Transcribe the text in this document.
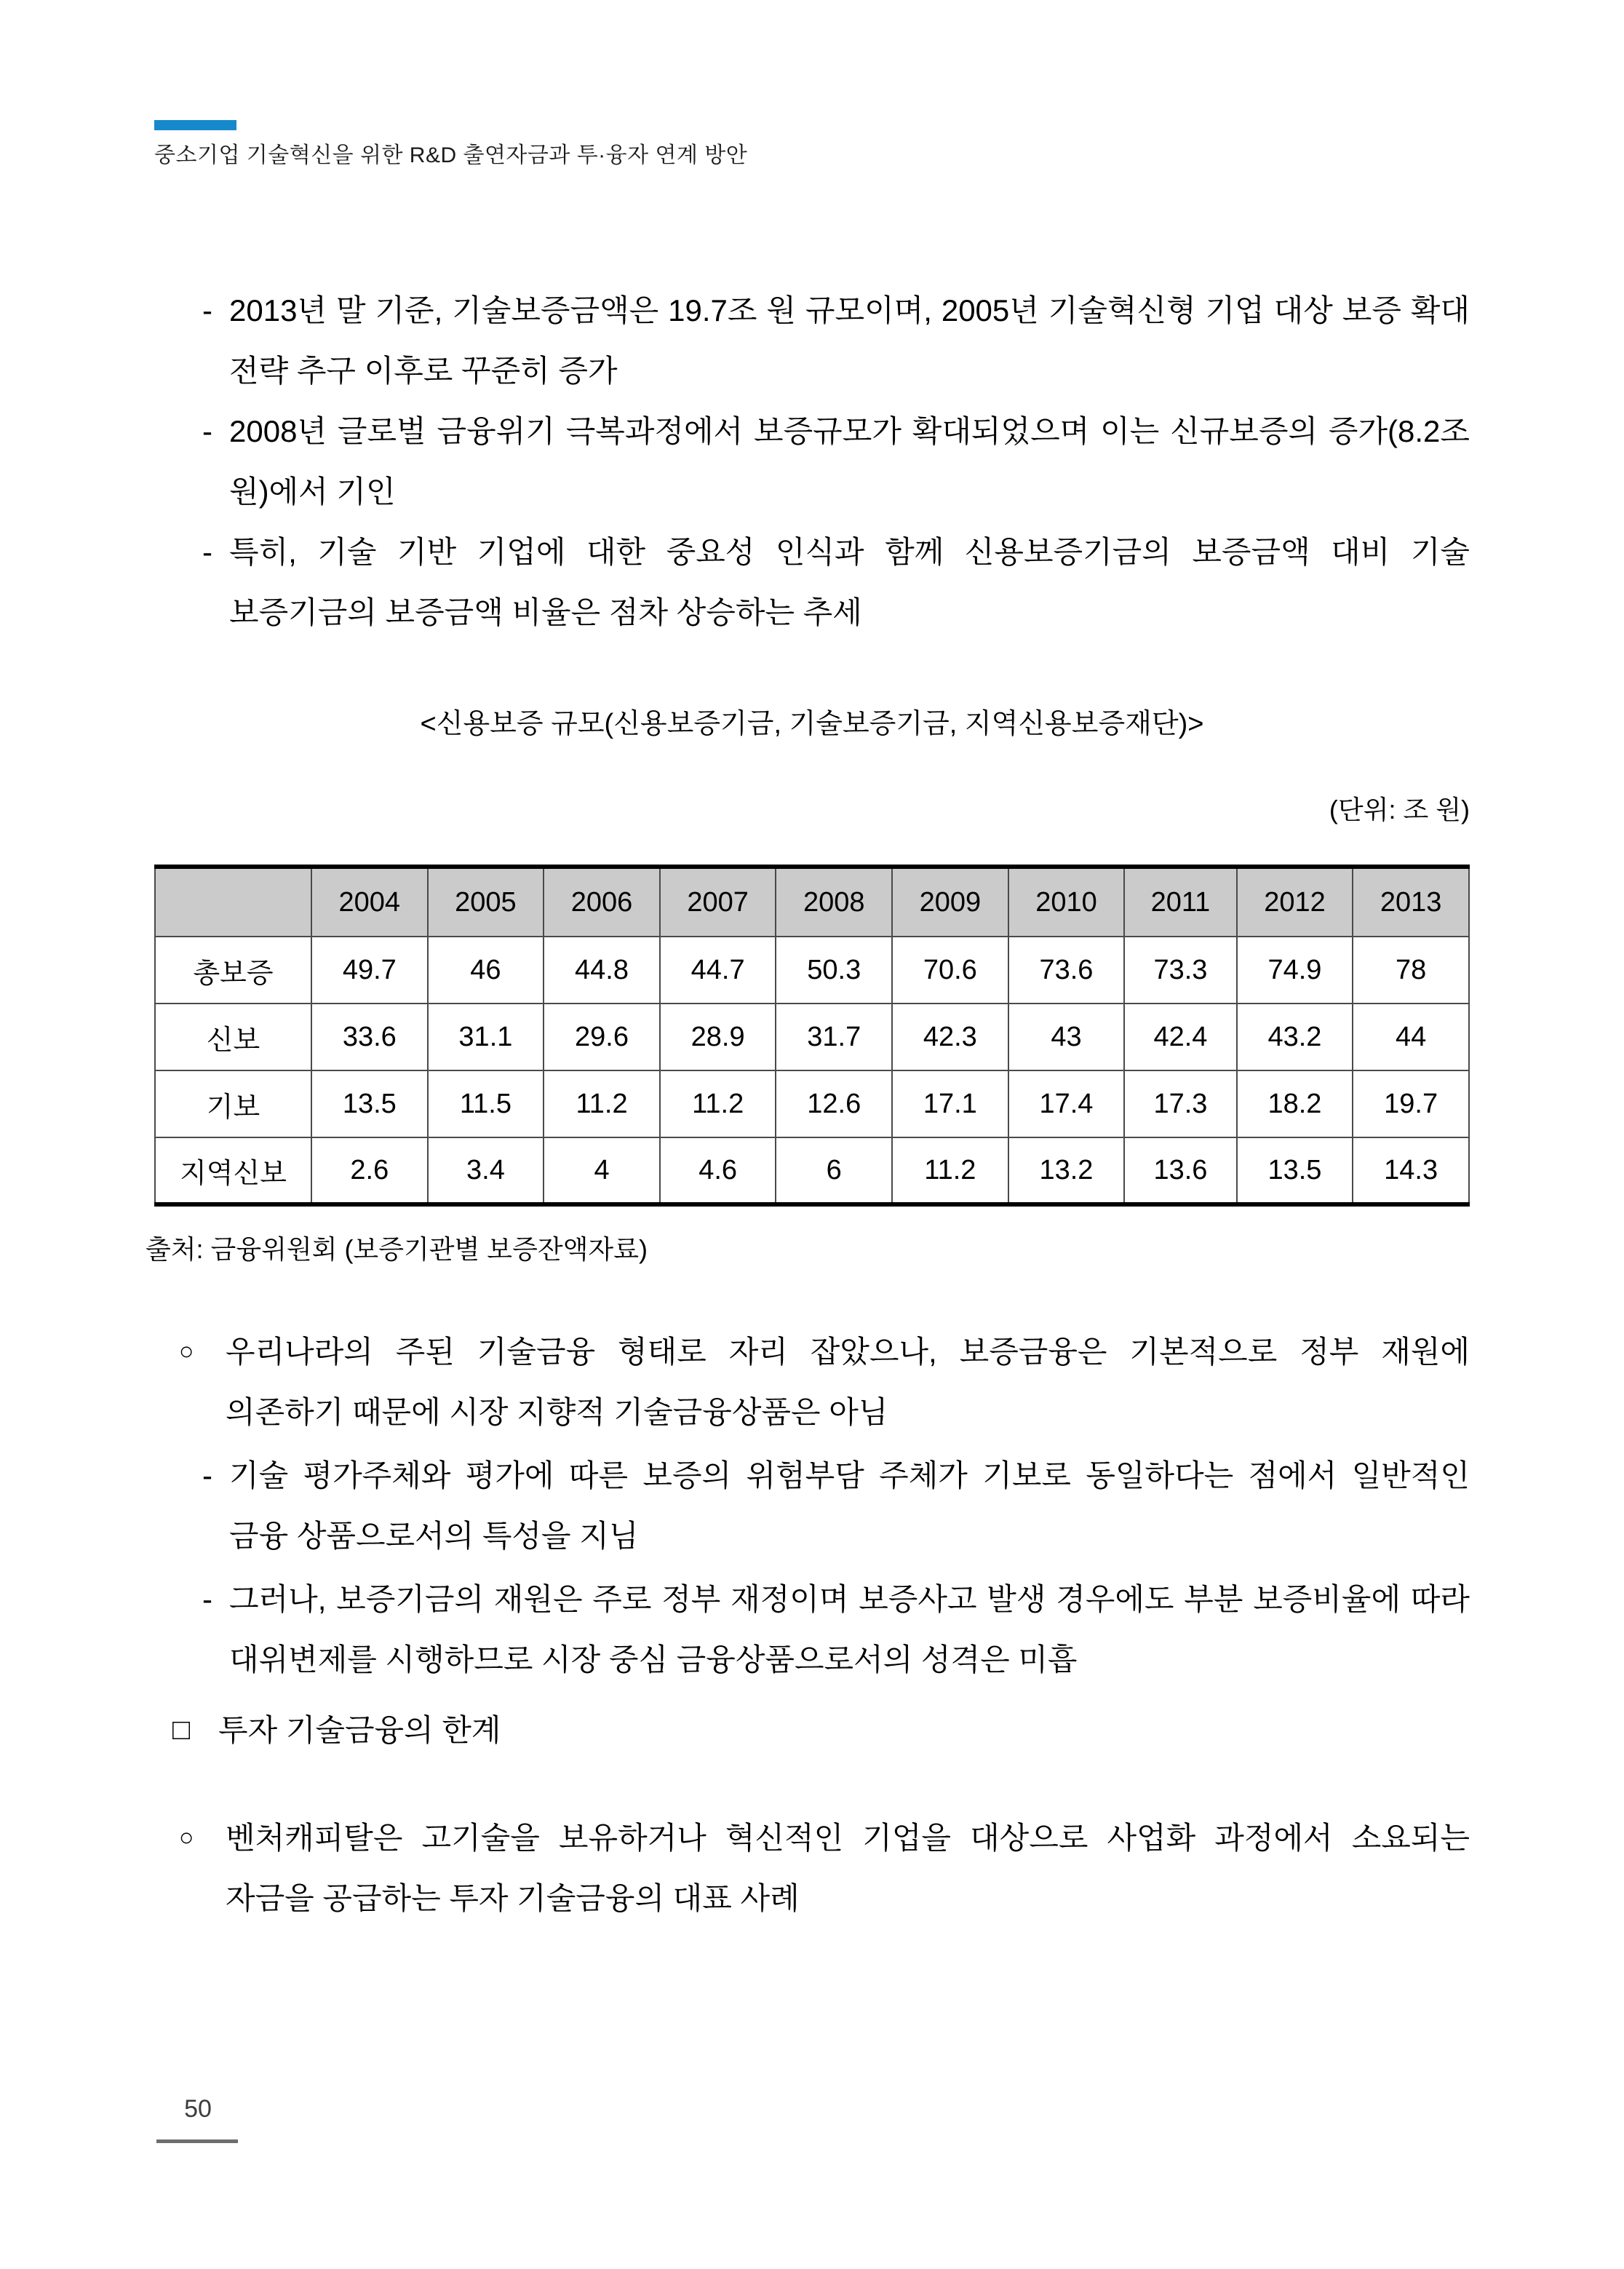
중소기업 기술혁신을 위한 R&D 출연자금과 투·융자 연계 방안
- 2013년 말 기준, 기술보증금액은 19.7조 원 규모이며, 2005년 기술혁신형 기업 대상 보증 확대 전략 추구 이후로 꾸준히 증가
- 2008년 글로벌 금융위기 극복과정에서 보증규모가 확대되었으며 이는 신규보증의 증가(8.2조 원)에서 기인
- 특히, 기술 기반 기업에 대한 중요성 인식과 함께 신용보증기금의 보증금액 대비 기술 보증기금의 보증금액 비율은 점차 상승하는 추세
<신용보증 규모(신용보증기금, 기술보증기금, 지역신용보증재단)>
(단위: 조 원)
	2004	2005	2006	2007	2008	2009	2010	2011	2012	2013
총보증	49.7	46	44.8	44.7	50.3	70.6	73.6	73.3	74.9	78
신보	33.6	31.1	29.6	28.9	31.7	42.3	43	42.4	43.2	44
기보	13.5	11.5	11.2	11.2	12.6	17.1	17.4	17.3	18.2	19.7
지역신보	2.6	3.4	4	4.6	6	11.2	13.2	13.6	13.5	14.3
출처: 금융위원회 (보증기관별 보증잔액자료)
○	우리나라의 주된 기술금융 형태로 자리 잡았으나, 보증금융은 기본적으로 정부 재원에 의존하기 때문에 시장 지향적 기술금융상품은 아님
- 기술 평가주체와 평가에 따른 보증의 위험부담 주체가 기보로 동일하다는 점에서 일반적인 금융 상품으로서의 특성을 지님
- 그러나, 보증기금의 재원은 주로 정부 재정이며 보증사고 발생 경우에도 부분 보증비율에 따라 대위변제를 시행하므로 시장 중심 금융상품으로서의 성격은 미흡
□ 투자 기술금융의 한계
○	벤처캐피탈은 고기술을 보유하거나 혁신적인 기업을 대상으로 사업화 과정에서 소요되는 자금을 공급하는 투자 기술금융의 대표 사례
50
